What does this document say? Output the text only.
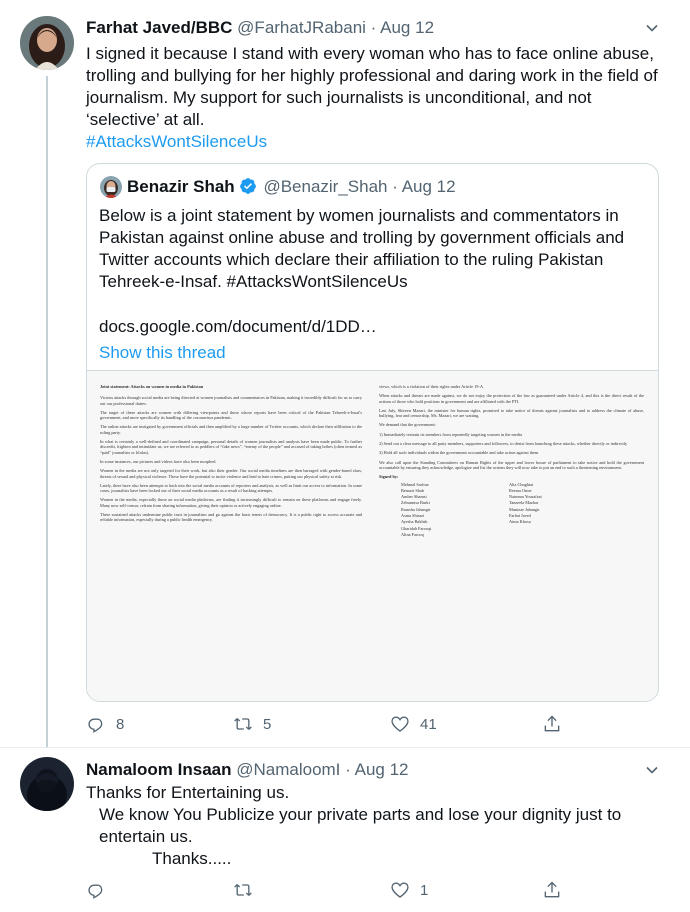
Farhat Javed/BBC @FarhatJRabani · Aug 12
I signed it because I stand with every woman who has to face online abuse, trolling and bullying for her highly professional and daring work in the field of journalism. My support for such journalists is unconditional, and not ‘selective’ at all.
#AttacksWontSilenceUs
Benazir Shah @Benazir_Shah · Aug 12
Below is a joint statement by women journalists and commentators in Pakistan against online abuse and trolling by government officials and Twitter accounts which declare their affiliation to the ruling Pakistan Tehreek-e-Insaf. #AttacksWontSilenceUs
docs.google.com/document/d/1DD…
Show this thread
Joint statement: Attacks on women in media in Pakistan

Vicious attacks through social media are being directed at women journalists and commentators in Pakistan, making it incredibly difficult for us to carry out our professional duties.

The target of these attacks are women with differing viewpoints and those whose reports have been critical of the Pakistan Tehreek-e-Insaf's government, and more specifically its handling of the coronavirus pandemic.

The online attacks are instigated by government officials and then amplified by a large number of Twitter accounts, which declare their affiliation to the ruling party.

In what is certainly a well-defined and coordinated campaign, personal details of women journalists and analysts have been made public. To further discredit, frighten and intimidate us, we are referred to as peddlers of “fake news”, “enemy of the people” and accused of taking bribes (often termed as “paid” journalists or lifafas).

In some instances, our pictures and videos have also been morphed.

Women in the media are not only targeted for their work, but also their gender. Our social media timelines are then barraged with gender-based slurs, threats of sexual and physical violence. These have the potential to incite violence and lead to hate crimes, putting our physical safety at risk.

Lately, there have also been attempts to hack into the social media accounts of reporters and analysts, as well as limit our access to information. In some cases, journalists have been locked out of their social media accounts as a result of hacking attempts.

Women in the media, especially those on social media platforms, are finding it increasingly difficult to remain on these platforms and engage freely. Many now self-censor, refrain from sharing information, giving their opinion or actively engaging online.

These sustained attacks undermine public trust in journalism and go against the basic tenets of democracy. It is a public right to access accurate and reliable information, especially during a public health emergency.

views, which is a violation of their rights under Article 19-A.

When attacks and threats are made against, we do not enjoy the protection of the law as guaranteed under Article 4, and this is the direct result of the actions of those who hold positions in government and are affiliated with the PTI.

Last July, Shireen Mazari, the minister for human rights, promised to take notice of threats against journalists and to address the climate of abuse, bullying, fear and censorship. Ms. Mazari, we are waiting.

We demand that the government:

1) Immediately restrain its members from repeatedly targeting women in the media

2) Send out a clear message to all party members, supporters and followers, to desist from launching these attacks, whether directly or indirectly

3) Hold all such individuals within the government accountable and take action against them

We also call upon the Standing Committees on Human Rights of the upper and lower house of parliament to take notice and hold the government accountable by ensuring they acknowledge, apologize and list the actions they will now take to put an end to such a threatening environment.

Signed by:
Mehmal Sarfraz
Benazir Shah
Amber Shamsi
Zebunnisa Burki
Ramsha Jahangir
Asma Shirazi
Ayesha Bakhsh
Gharidah Farooqi
Alina Farooq
Alia Chughtai
Reema Omer
Naimma Yousafzai
Tanzeela Mazhar
Munizae Jahangir
Farhat Javed
Aima Khosa
8	5	41
Namaloom Insaan @NamaloomI · Aug 12
Thanks for Entertaining us.
We know You Publicize your private parts and lose your dignity just to entertain us.
Thanks.....
1
